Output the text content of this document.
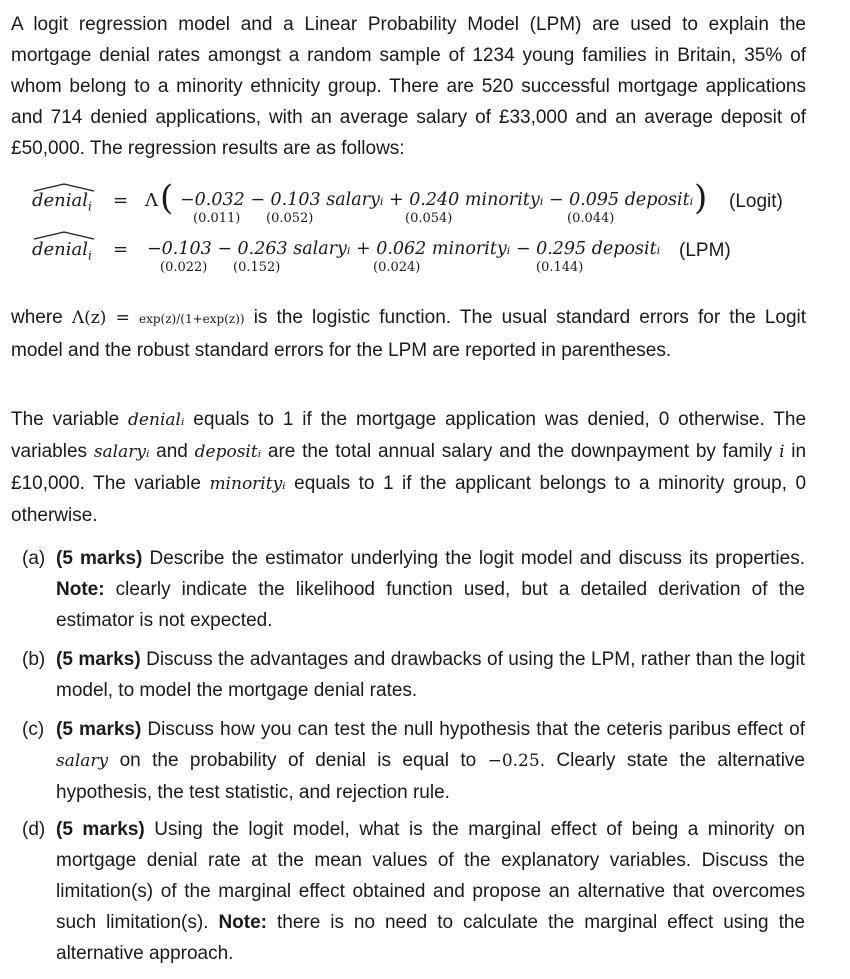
A logit regression model and a Linear Probability Model (LPM) are used to explain the mortgage denial rates amongst a random sample of 1234 young families in Britain, 35% of whom belong to a minority ethnicity group. There are 520 successful mortgage applications and 714 denied applications, with an average salary of £33,000 and an average deposit of £50,000. The regression results are as follows:
denial$_i$ = Λ ( −0.032 − 0.103 salaryᵢ + 0.240 minorityᵢ − 0.095 depositᵢ )
(0.011) (0.052)	(0.054)	(0.044)
(Logit)
denial$_i$ = −0.103 − 0.263 salaryᵢ + 0.062 minorityᵢ − 0.295 depositᵢ
(0.022) (0.152)	(0.024)	(0.144)
(LPM)
where Λ(z) = exp(z)/(1+exp(z)) is the logistic function. The usual standard errors for the Logit model and the robust standard errors for the LPM are reported in parentheses.
The variable denialᵢ equals to 1 if the mortgage application was denied, 0 otherwise. The variables salaryᵢ and depositᵢ are the total annual salary and the downpayment by family i in £10,000. The variable minorityᵢ equals to 1 if the applicant belongs to a minority group, 0 otherwise.
(a) (5 marks) Describe the estimator underlying the logit model and discuss its properties. Note: clearly indicate the likelihood function used, but a detailed derivation of the estimator is not expected.
(b) (5 marks) Discuss the advantages and drawbacks of using the LPM, rather than the logit model, to model the mortgage denial rates.
(c) (5 marks) Discuss how you can test the null hypothesis that the ceteris paribus effect of salary on the probability of denial is equal to −0.25. Clearly state the alternative hypothesis, the test statistic, and rejection rule.
(d) (5 marks) Using the logit model, what is the marginal effect of being a minority on mortgage denial rate at the mean values of the explanatory variables. Discuss the limitation(s) of the marginal effect obtained and propose an alternative that overcomes such limitation(s). Note: there is no need to calculate the marginal effect using the alternative approach.
